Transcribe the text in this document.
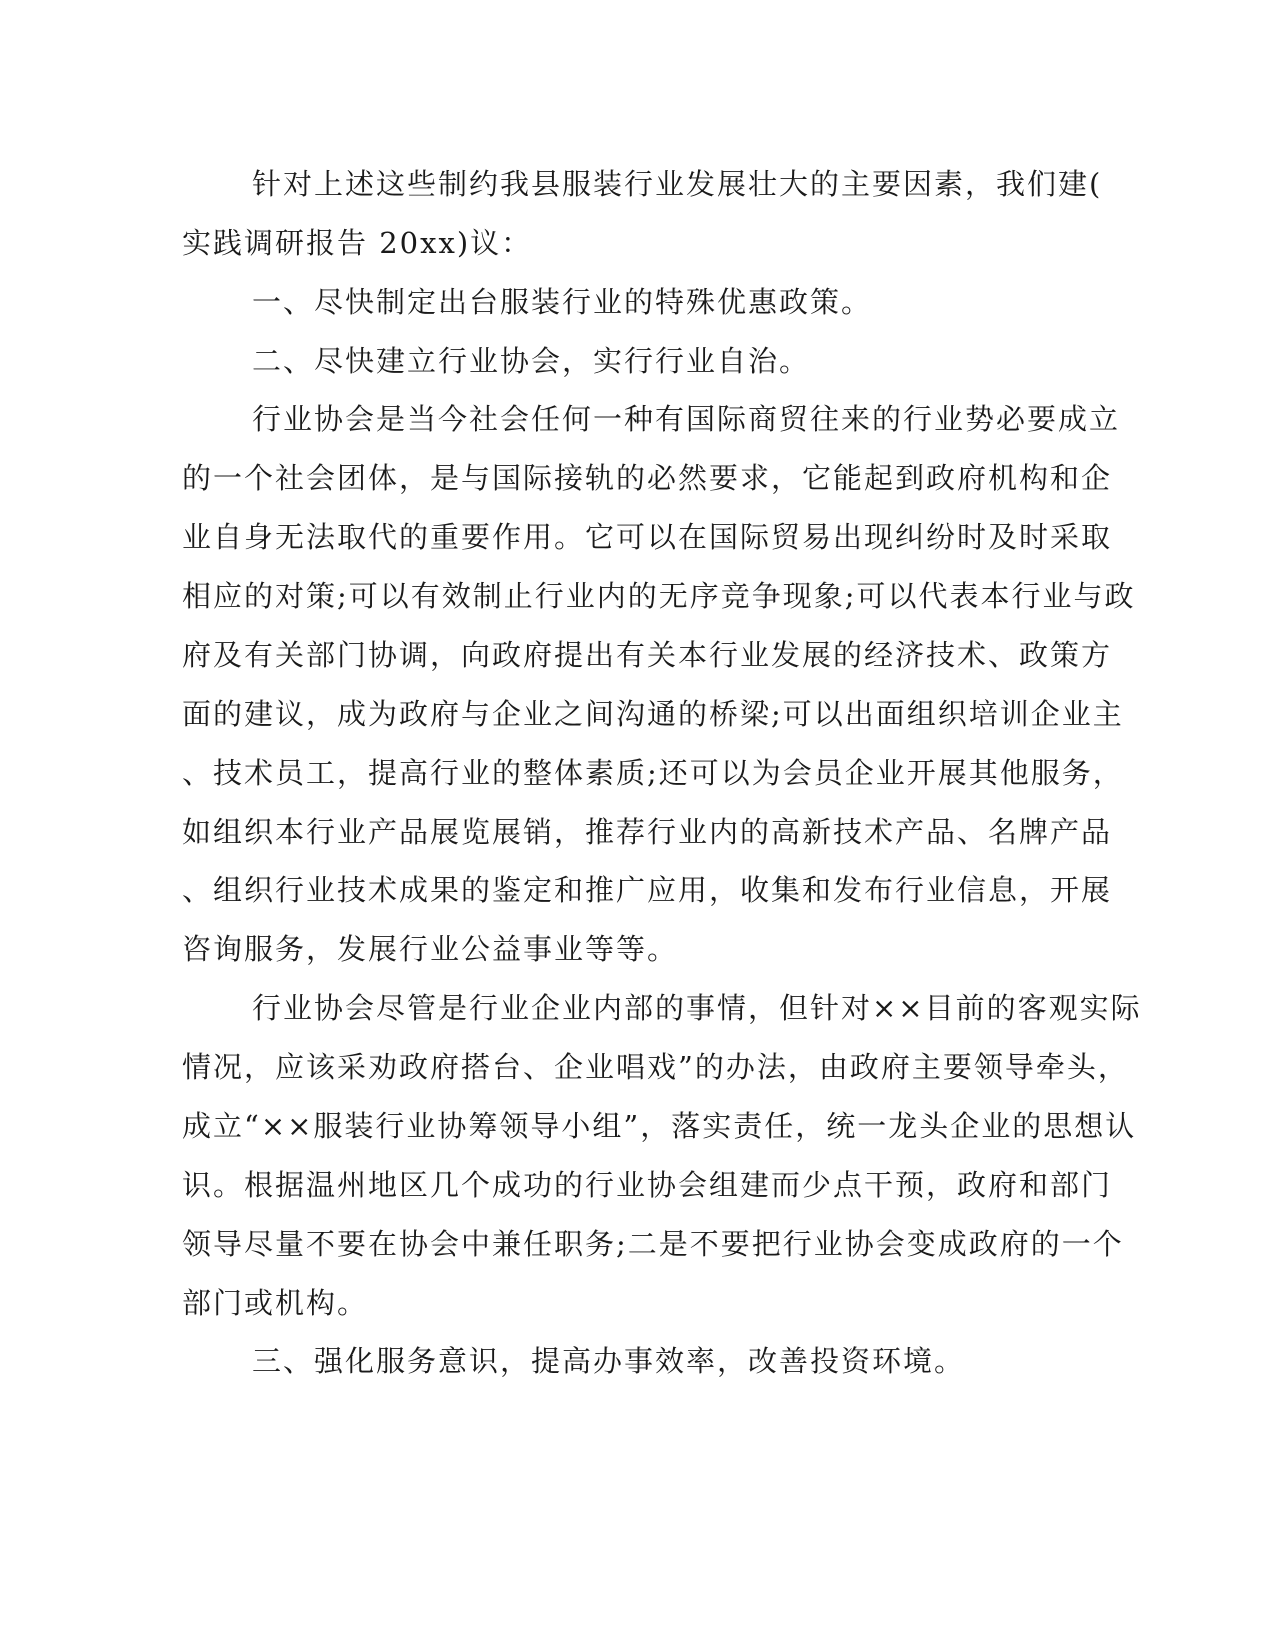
针对上述这些制约我县服装行业发展壮大的主要因素，我们建(
实践调研报告 20xx)议：
一、尽快制定出台服装行业的特殊优惠政策。
二、尽快建立行业协会，实行行业自治。
行业协会是当今社会任何一种有国际商贸往来的行业势必要成立
的一个社会团体，是与国际接轨的必然要求，它能起到政府机构和企
业自身无法取代的重要作用。它可以在国际贸易出现纠纷时及时采取
相应的对策;可以有效制止行业内的无序竞争现象;可以代表本行业与政
府及有关部门协调，向政府提出有关本行业发展的经济技术、政策方
面的建议，成为政府与企业之间沟通的桥梁;可以出面组织培训企业主
、技术员工，提高行业的整体素质;还可以为会员企业开展其他服务，
如组织本行业产品展览展销，推荐行业内的高新技术产品、名牌产品
、组织行业技术成果的鉴定和推广应用，收集和发布行业信息，开展
咨询服务，发展行业公益事业等等。
行业协会尽管是行业企业内部的事情，但针对××目前的客观实际
情况，应该采劝政府搭台、企业唱戏”的办法，由政府主要领导牵头，
成立“××服装行业协筹领导小组”，落实责任，统一龙头企业的思想认
识。根据温州地区几个成功的行业协会组建而少点干预，政府和部门
领导尽量不要在协会中兼任职务;二是不要把行业协会变成政府的一个
部门或机构。
三、强化服务意识，提高办事效率，改善投资环境。
